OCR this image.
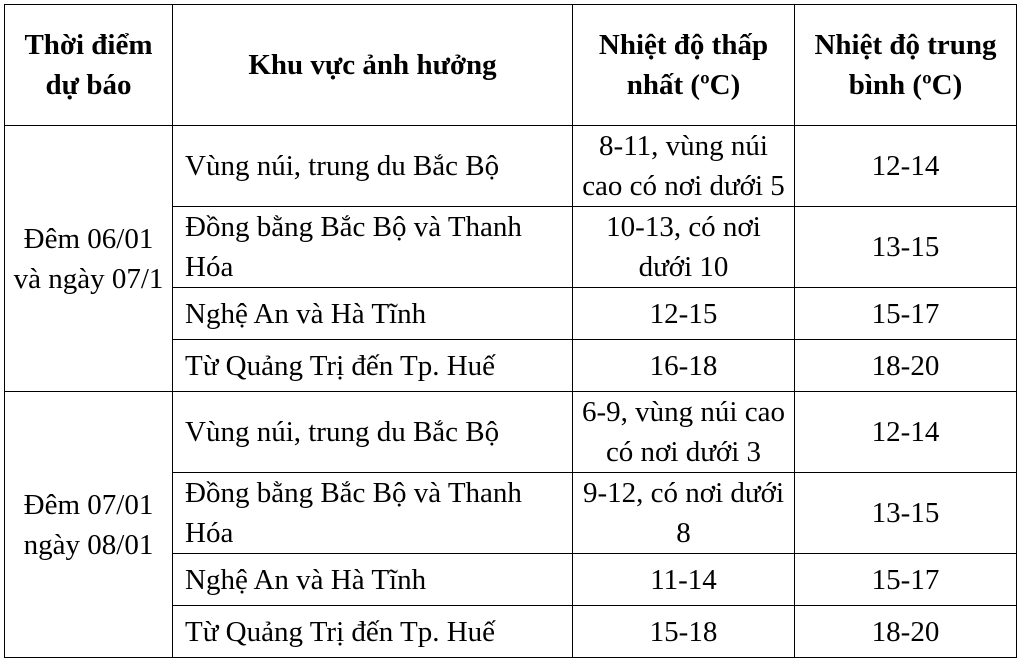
Thời điểm dự báo	Khu vực ảnh hưởng	Nhiệt độ thấp nhất (ºC)	Nhiệt độ trung bình (ºC)
Đêm 06/01 và ngày 07/1	Vùng núi, trung du Bắc Bộ	8-11, vùng núi cao có nơi dưới 5	12-14
	Đồng bằng Bắc Bộ và Thanh Hóa	10-13, có nơi dưới 10	13-15
	Nghệ An và Hà Tĩnh	12-15	15-17
	Từ Quảng Trị đến Tp. Huế	16-18	18-20
Đêm 07/01 ngày 08/01	Vùng núi, trung du Bắc Bộ	6-9, vùng núi cao có nơi dưới 3	12-14
	Đồng bằng Bắc Bộ và Thanh Hóa	9-12, có nơi dưới 8	13-15
	Nghệ An và Hà Tĩnh	11-14	15-17
	Từ Quảng Trị đến Tp. Huế	15-18	18-20
